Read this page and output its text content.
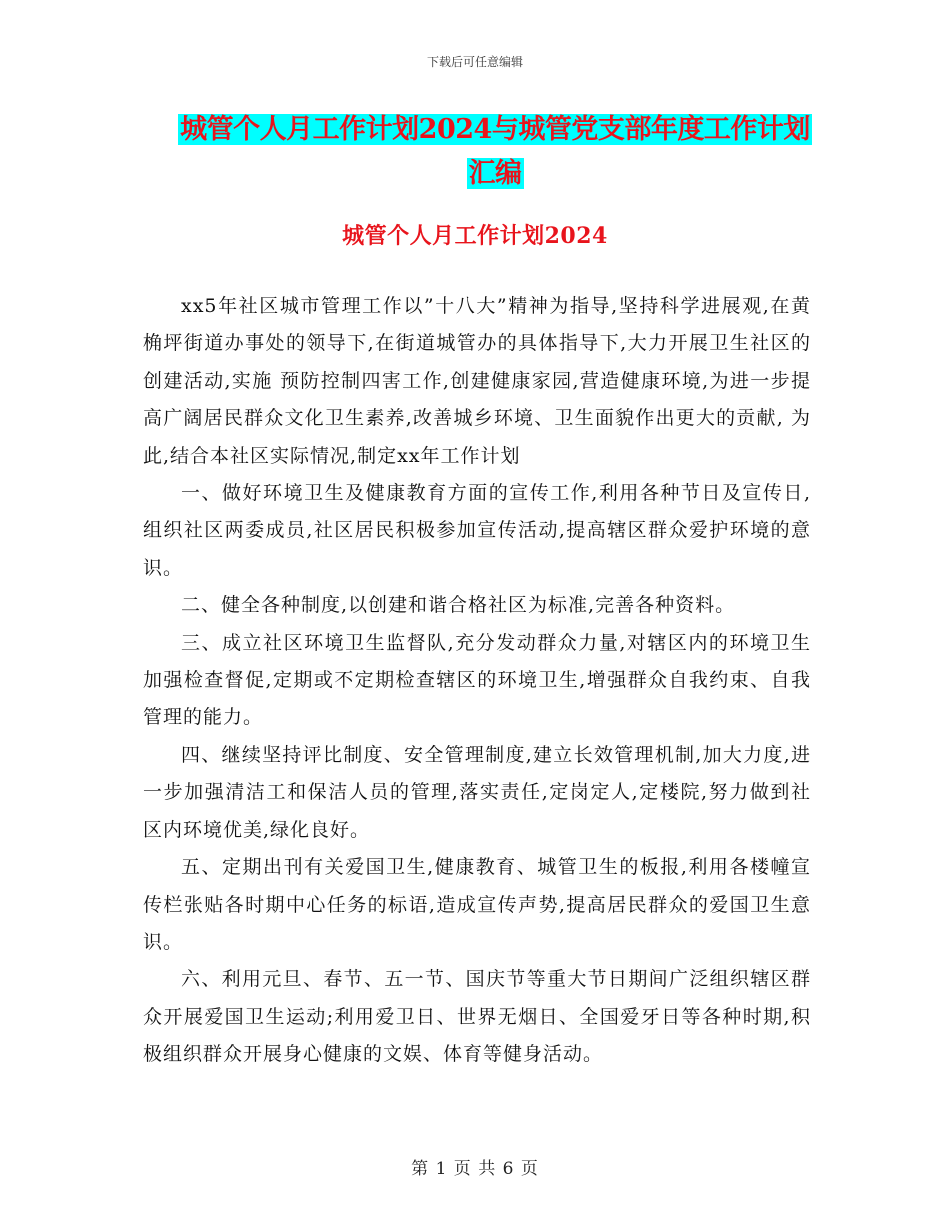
下载后可任意编辑
城管个人月工作计划2024与城管党支部年度工作计划
汇编
城管个人月工作计划2024

xx5年社区城市管理工作以”十八大”精神为指导,坚持科学进展观,在黄桷坪街道办事处的领导下,在街道城管办的具体指导下,大力开展卫生社区的创建活动,实施 预防控制四害工作,创建健康家园,营造健康环境,为进一步提高广阔居民群众文化卫生素养,改善城乡环境、卫生面貌作出更大的贡献, 为此,结合本社区实际情况,制定xx年工作计划

一、做好环境卫生及健康教育方面的宣传工作,利用各种节日及宣传日,组织社区两委成员,社区居民积极参加宣传活动,提高辖区群众爱护环境的意识。

二、健全各种制度,以创建和谐合格社区为标准,完善各种资料。

三、成立社区环境卫生监督队,充分发动群众力量,对辖区内的环境卫生加强检查督促,定期或不定期检查辖区的环境卫生,增强群众自我约束、自我管理的能力。

四、继续坚持评比制度、安全管理制度,建立长效管理机制,加大力度,进一步加强清洁工和保洁人员的管理,落实责任,定岗定人,定楼院,努力做到社区内环境优美,绿化良好。

五、定期出刊有关爱国卫生,健康教育、城管卫生的板报,利用各楼幢宣传栏张贴各时期中心任务的标语,造成宣传声势,提高居民群众的爱国卫生意识。

六、利用元旦、春节、五一节、国庆节等重大节日期间广泛组织辖区群众开展爱国卫生运动;利用爱卫日、世界无烟日、全国爱牙日等各种时期,积极组织群众开展身心健康的文娱、体育等健身活动。

第 1 页 共 6 页
